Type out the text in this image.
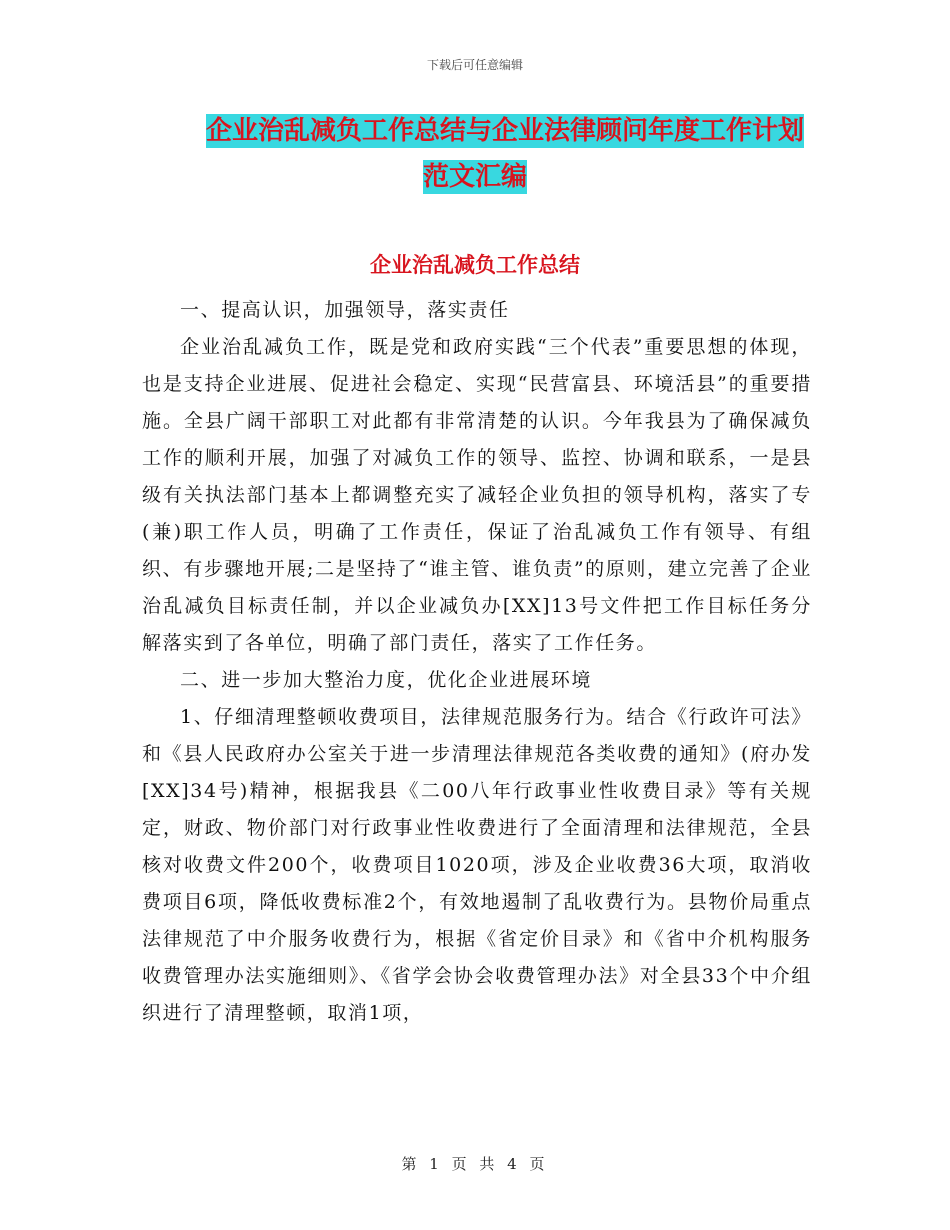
下载后可任意编辑
企业治乱减负工作总结与企业法律顾问年度工作计划
范文汇编
企业治乱减负工作总结

一、提高认识，加强领导，落实责任

企业治乱减负工作，既是党和政府实践“三个代表”重要思想的体现，也是支持企业进展、促进社会稳定、实现“民营富县、环境活县”的重要措施。全县广阔干部职工对此都有非常清楚的认识。今年我县为了确保减负工作的顺利开展，加强了对减负工作的领导、监控、协调和联系，一是县级有关执法部门基本上都调整充实了减轻企业负担的领导机构，落实了专(兼)职工作人员，明确了工作责任，保证了治乱减负工作有领导、有组织、有步骤地开展;二是坚持了“谁主管、谁负责”的原则，建立完善了企业治乱减负目标责任制，并以企业减负办[XX]13号文件把工作目标任务分解落实到了各单位，明确了部门责任，落实了工作任务。

二、进一步加大整治力度，优化企业进展环境

1、仔细清理整顿收费项目，法律规范服务行为。结合《行政许可法》和《县人民政府办公室关于进一步清理法律规范各类收费的通知》(府办发[XX]34号)精神，根据我县《二00八年行政事业性收费目录》等有关规定，财政、物价部门对行政事业性收费进行了全面清理和法律规范，全县核对收费文件200个，收费项目1020项，涉及企业收费36大项，取消收费项目6项，降低收费标准2个，有效地遏制了乱收费行为。县物价局重点法律规范了中介服务收费行为，根据《省定价目录》和《省中介机构服务收费管理办法实施细则》、《省学会协会收费管理办法》对全县33个中介组织进行了清理整顿，取消1项，

第 1 页 共 4 页
